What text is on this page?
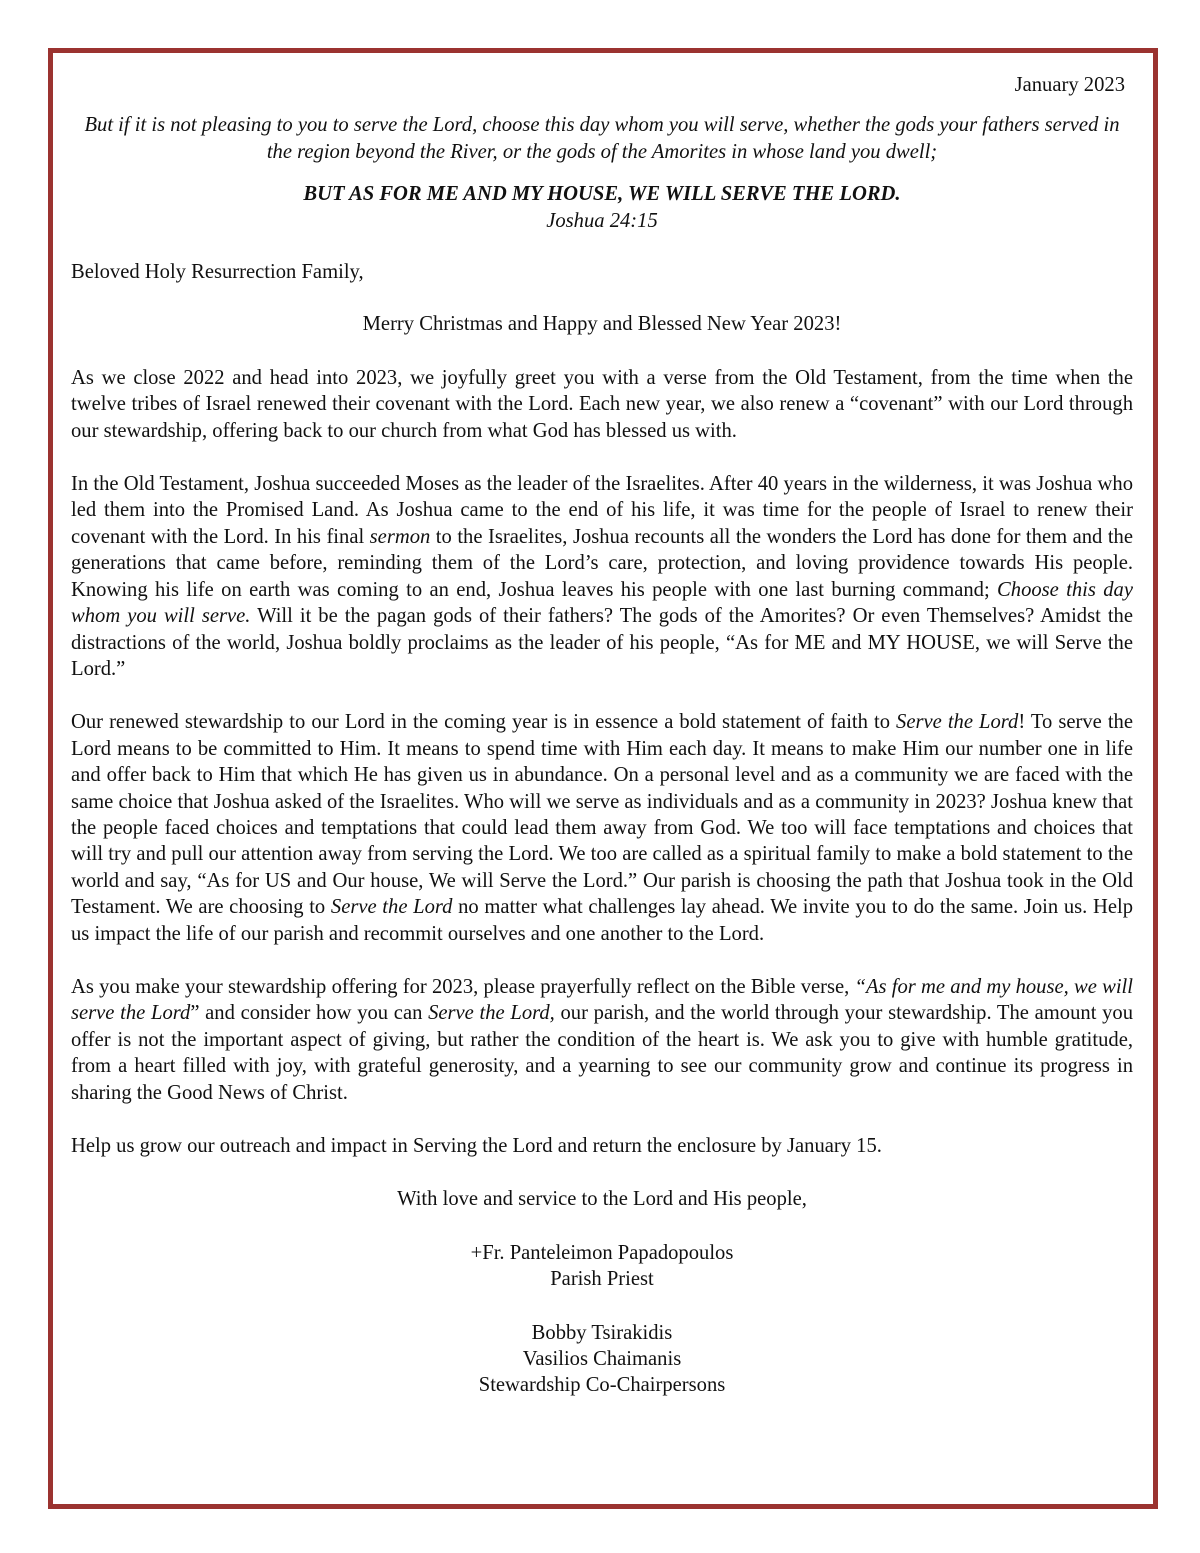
January 2023

But if it is not pleasing to you to serve the Lord, choose this day whom you will serve, whether the gods your fathers served in the region beyond the River, or the gods of the Amorites in whose land you dwell;

BUT AS FOR ME AND MY HOUSE, WE WILL SERVE THE LORD.

Joshua 24:15

Beloved Holy Resurrection Family,

Merry Christmas and Happy and Blessed New Year 2023!

As we close 2022 and head into 2023, we joyfully greet you with a verse from the Old Testament, from the time when the twelve tribes of Israel renewed their covenant with the Lord. Each new year, we also renew a “covenant” with our Lord through our stewardship, offering back to our church from what God has blessed us with.

In the Old Testament, Joshua succeeded Moses as the leader of the Israelites. After 40 years in the wilderness, it was Joshua who led them into the Promised Land. As Joshua came to the end of his life, it was time for the people of Israel to renew their covenant with the Lord. In his final sermon to the Israelites, Joshua recounts all the wonders the Lord has done for them and the generations that came before, reminding them of the Lord’s care, protection, and loving providence towards His people. Knowing his life on earth was coming to an end, Joshua leaves his people with one last burning command; Choose this day whom you will serve. Will it be the pagan gods of their fathers? The gods of the Amorites? Or even Themselves? Amidst the distractions of the world, Joshua boldly proclaims as the leader of his people, “As for ME and MY HOUSE, we will Serve the Lord.”

Our renewed stewardship to our Lord in the coming year is in essence a bold statement of faith to Serve the Lord! To serve the Lord means to be committed to Him. It means to spend time with Him each day. It means to make Him our number one in life and offer back to Him that which He has given us in abundance. On a personal level and as a community we are faced with the same choice that Joshua asked of the Israelites. Who will we serve as individuals and as a community in 2023? Joshua knew that the people faced choices and temptations that could lead them away from God. We too will face temptations and choices that will try and pull our attention away from serving the Lord. We too are called as a spiritual family to make a bold statement to the world and say, “As for US and Our house, We will Serve the Lord.” Our parish is choosing the path that Joshua took in the Old Testament. We are choosing to Serve the Lord no matter what challenges lay ahead. We invite you to do the same. Join us. Help us impact the life of our parish and recommit ourselves and one another to the Lord.

As you make your stewardship offering for 2023, please prayerfully reflect on the Bible verse, “As for me and my house, we will serve the Lord” and consider how you can Serve the Lord, our parish, and the world through your stewardship. The amount you offer is not the important aspect of giving, but rather the condition of the heart is. We ask you to give with humble gratitude, from a heart filled with joy, with grateful generosity, and a yearning to see our community grow and continue its progress in sharing the Good News of Christ.

Help us grow our outreach and impact in Serving the Lord and return the enclosure by January 15.

With love and service to the Lord and His people,

+Fr. Panteleimon Papadopoulos
Parish Priest
Bobby Tsirakidis
Vasilios Chaimanis
Stewardship Co-Chairpersons
